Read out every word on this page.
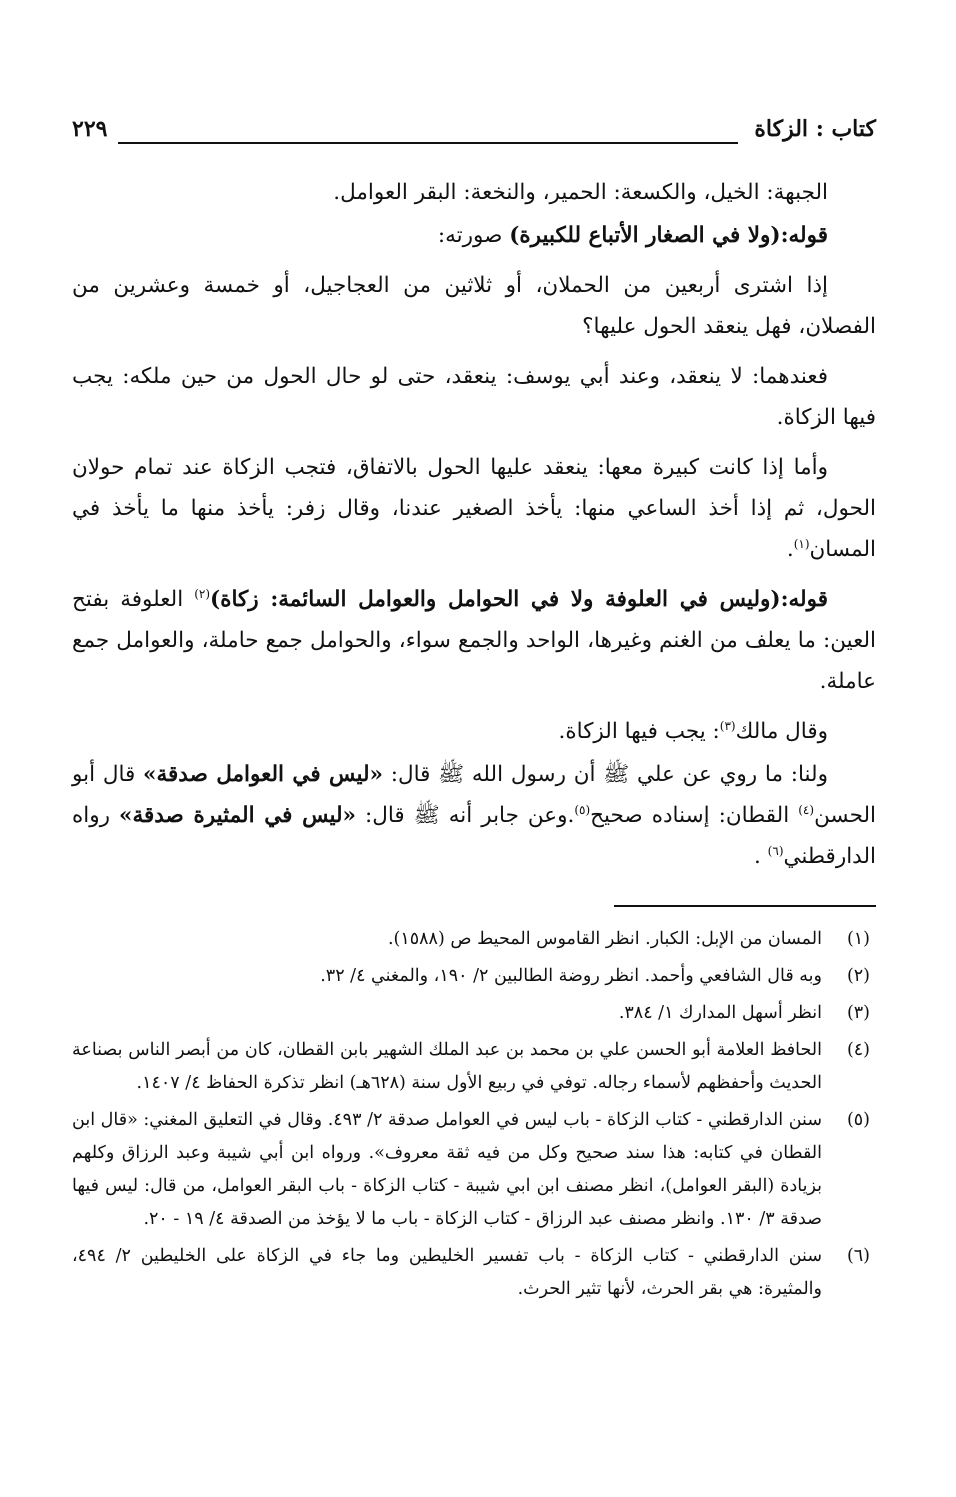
كتاب : الزكاة
٢٢٩

الجبهة: الخيل، والكسعة: الحمير، والنخعة: البقر العوامل.

قوله:(ولا في الصغار الأتباع للكبيرة) صورته:

إذا اشترى أربعين من الحملان، أو ثلاثين من العجاجيل، أو خمسة وعشرين من الفصلان، فهل ينعقد الحول عليها؟

فعندهما: لا ينعقد، وعند أبي يوسف: ينعقد، حتى لو حال الحول من حين ملكه: يجب فيها الزكاة.

وأما إذا كانت كبيرة معها: ينعقد عليها الحول بالاتفاق، فتجب الزكاة عند تمام حولان الحول، ثم إذا أخذ الساعي منها: يأخذ الصغير عندنا، وقال زفر: يأخذ منها ما يأخذ في المسان$^{(١)}$.

قوله:(وليس في العلوفة ولا في الحوامل والعوامل السائمة: زكاة)$^{(٢)}$ العلوفة بفتح العين: ما يعلف من الغنم وغيرها، الواحد والجمع سواء، والحوامل جمع حاملة، والعوامل جمع عاملة.

وقال مالك$^{(٣)}$: يجب فيها الزكاة.

ولنا: ما روي عن علي ﷺ أن رسول الله ﷺ قال: «ليس في العوامل صدقة» قال أبو الحسن$^{(٤)}$ القطان: إسناده صحيح$^{(٥)}$.وعن جابر أنه ﷺ قال: «ليس في المثيرة صدقة» رواه الدارقطني$^{(٦)}$ .

(١)
المسان من الإبل: الكبار. انظر القاموس المحيط ص (١٥٨٨).
(٢)
وبه قال الشافعي وأحمد. انظر روضة الطالبين ٢/ ١٩٠، والمغني ٤/ ٣٢.
(٣)
انظر أسهل المدارك ١/ ٣٨٤.
(٤)
الحافظ العلامة أبو الحسن علي بن محمد بن عبد الملك الشهير بابن القطان، كان من أبصر الناس بصناعة الحديث وأحفظهم لأسماء رجاله. توفي في ربيع الأول سنة (٦٢٨هـ) انظر تذكرة الحفاظ ٤/ ١٤٠٧.
(٥)
سنن الدارقطني - كتاب الزكاة - باب ليس في العوامل صدقة ٢/ ٤٩٣. وقال في التعليق المغني: «قال ابن القطان في كتابه: هذا سند صحيح وكل من فيه ثقة معروف». ورواه ابن أبي شيبة وعبد الرزاق وكلهم بزيادة (البقر العوامل)، انظر مصنف ابن ابي شيبة - كتاب الزكاة - باب البقر العوامل، من قال: ليس فيها صدقة ٣/ ١٣٠. وانظر مصنف عبد الرزاق - كتاب الزكاة - باب ما لا يؤخذ من الصدقة ٤/ ١٩ - ٢٠.
(٦)
سنن الدارقطني - كتاب الزكاة - باب تفسير الخليطين وما جاء في الزكاة على الخليطين ٢/ ٤٩٤، والمثيرة: هي بقر الحرث، لأنها تثير الحرث.
